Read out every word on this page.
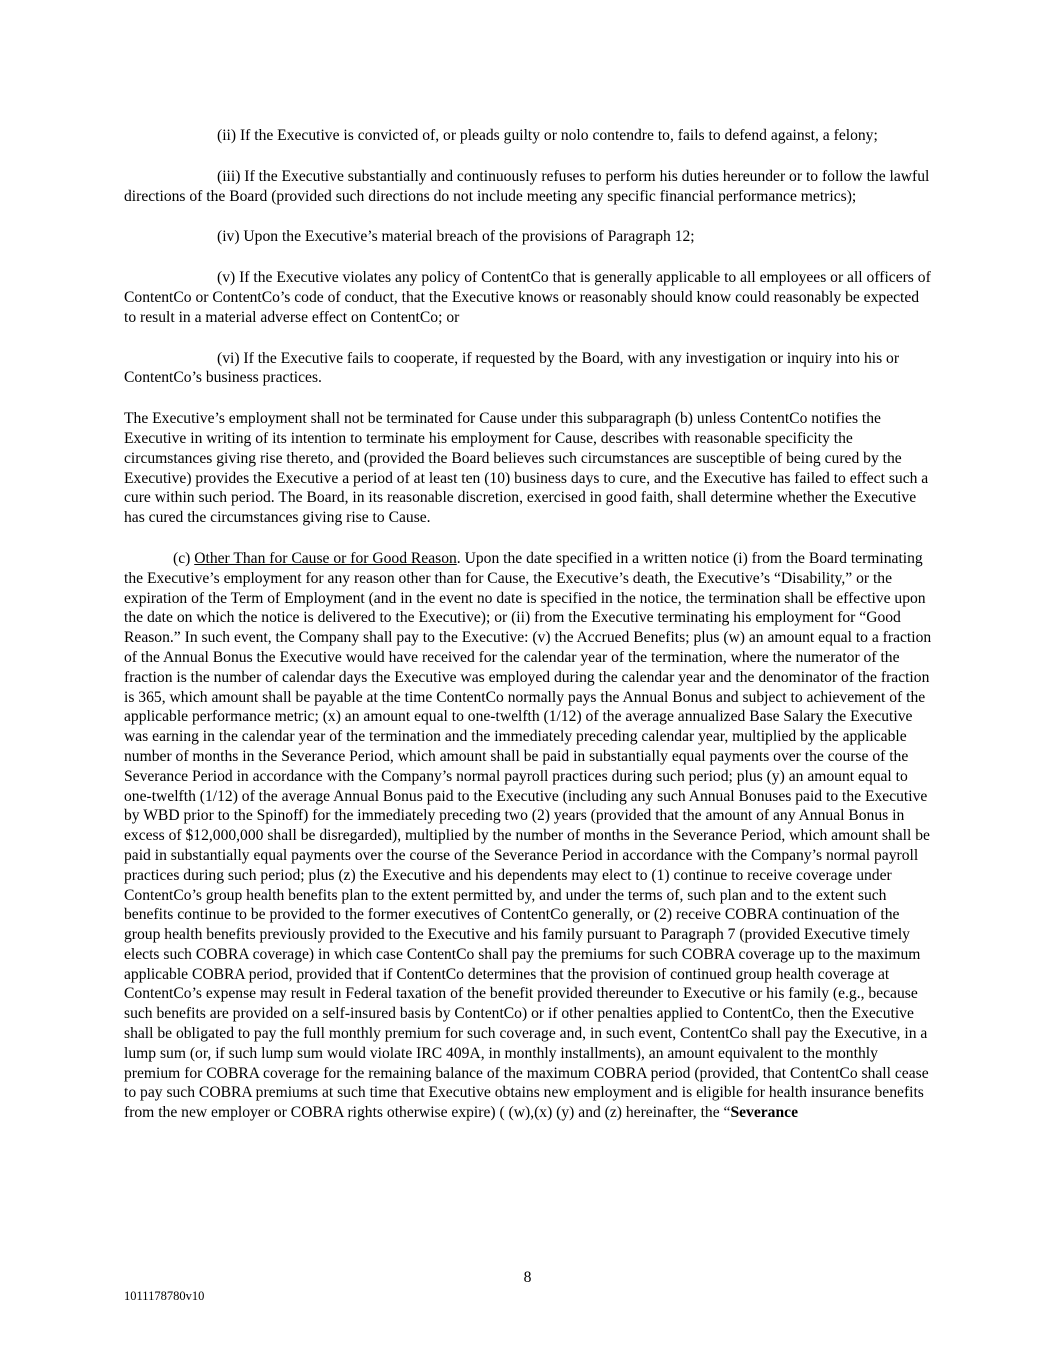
(ii) If the Executive is convicted of, or pleads guilty or nolo contendre to, fails to defend against, a felony;

(iii) If the Executive substantially and continuously refuses to perform his duties hereunder or to follow the lawful directions of the Board (provided such directions do not include meeting any specific financial performance metrics);

(iv) Upon the Executive’s material breach of the provisions of Paragraph 12;

(v) If the Executive violates any policy of ContentCo that is generally applicable to all employees or all officers of ContentCo or ContentCo’s code of conduct, that the Executive knows or reasonably should know could reasonably be expected to result in a material adverse effect on ContentCo; or

(vi) If the Executive fails to cooperate, if requested by the Board, with any investigation or inquiry into his or ContentCo’s business practices.

The Executive’s employment shall not be terminated for Cause under this subparagraph (b) unless ContentCo notifies the Executive in writing of its intention to terminate his employment for Cause, describes with reasonable specificity the circumstances giving rise thereto, and (provided the Board believes such circumstances are susceptible of being cured by the Executive) provides the Executive a period of at least ten (10) business days to cure, and the Executive has failed to effect such a cure within such period. The Board, in its reasonable discretion, exercised in good faith, shall determine whether the Executive has cured the circumstances giving rise to Cause.

(c) Other Than for Cause or for Good Reason. Upon the date specified in a written notice (i) from the Board terminating the Executive’s employment for any reason other than for Cause, the Executive’s death, the Executive’s “Disability,” or the expiration of the Term of Employment (and in the event no date is specified in the notice, the termination shall be effective upon the date on which the notice is delivered to the Executive); or (ii) from the Executive terminating his employment for “Good Reason.” In such event, the Company shall pay to the Executive: (v) the Accrued Benefits; plus (w) an amount equal to a fraction of the Annual Bonus the Executive would have received for the calendar year of the termination, where the numerator of the fraction is the number of calendar days the Executive was employed during the calendar year and the denominator of the fraction is 365, which amount shall be payable at the time ContentCo normally pays the Annual Bonus and subject to achievement of the applicable performance metric; (x) an amount equal to one-twelfth (1/12) of the average annualized Base Salary the Executive was earning in the calendar year of the termination and the immediately preceding calendar year, multiplied by the applicable number of months in the Severance Period, which amount shall be paid in substantially equal payments over the course of the Severance Period in accordance with the Company’s normal payroll practices during such period; plus (y) an amount equal to one-twelfth (1/12) of the average Annual Bonus paid to the Executive (including any such Annual Bonuses paid to the Executive by WBD prior to the Spinoff) for the immediately preceding two (2) years (provided that the amount of any Annual Bonus in excess of $12,000,000 shall be disregarded), multiplied by the number of months in the Severance Period, which amount shall be paid in substantially equal payments over the course of the Severance Period in accordance with the Company’s normal payroll practices during such period; plus (z) the Executive and his dependents may elect to (1) continue to receive coverage under ContentCo’s group health benefits plan to the extent permitted by, and under the terms of, such plan and to the extent such benefits continue to be provided to the former executives of ContentCo generally, or (2) receive COBRA continuation of the group health benefits previously provided to the Executive and his family pursuant to Paragraph 7 (provided Executive timely elects such COBRA coverage) in which case ContentCo shall pay the premiums for such COBRA coverage up to the maximum applicable COBRA period, provided that if ContentCo determines that the provision of continued group health coverage at ContentCo’s expense may result in Federal taxation of the benefit provided thereunder to Executive or his family (e.g., because such benefits are provided on a self-insured basis by ContentCo) or if other penalties applied to ContentCo, then the Executive shall be obligated to pay the full monthly premium for such coverage and, in such event, ContentCo shall pay the Executive, in a lump sum (or, if such lump sum would violate IRC 409A, in monthly installments), an amount equivalent to the monthly premium for COBRA coverage for the remaining balance of the maximum COBRA period (provided, that ContentCo shall cease to pay such COBRA premiums at such time that Executive obtains new employment and is eligible for health insurance benefits from the new employer or COBRA rights otherwise expire) ( (w),(x) (y) and (z) hereinafter, the “Severance

8
1011178780v10
